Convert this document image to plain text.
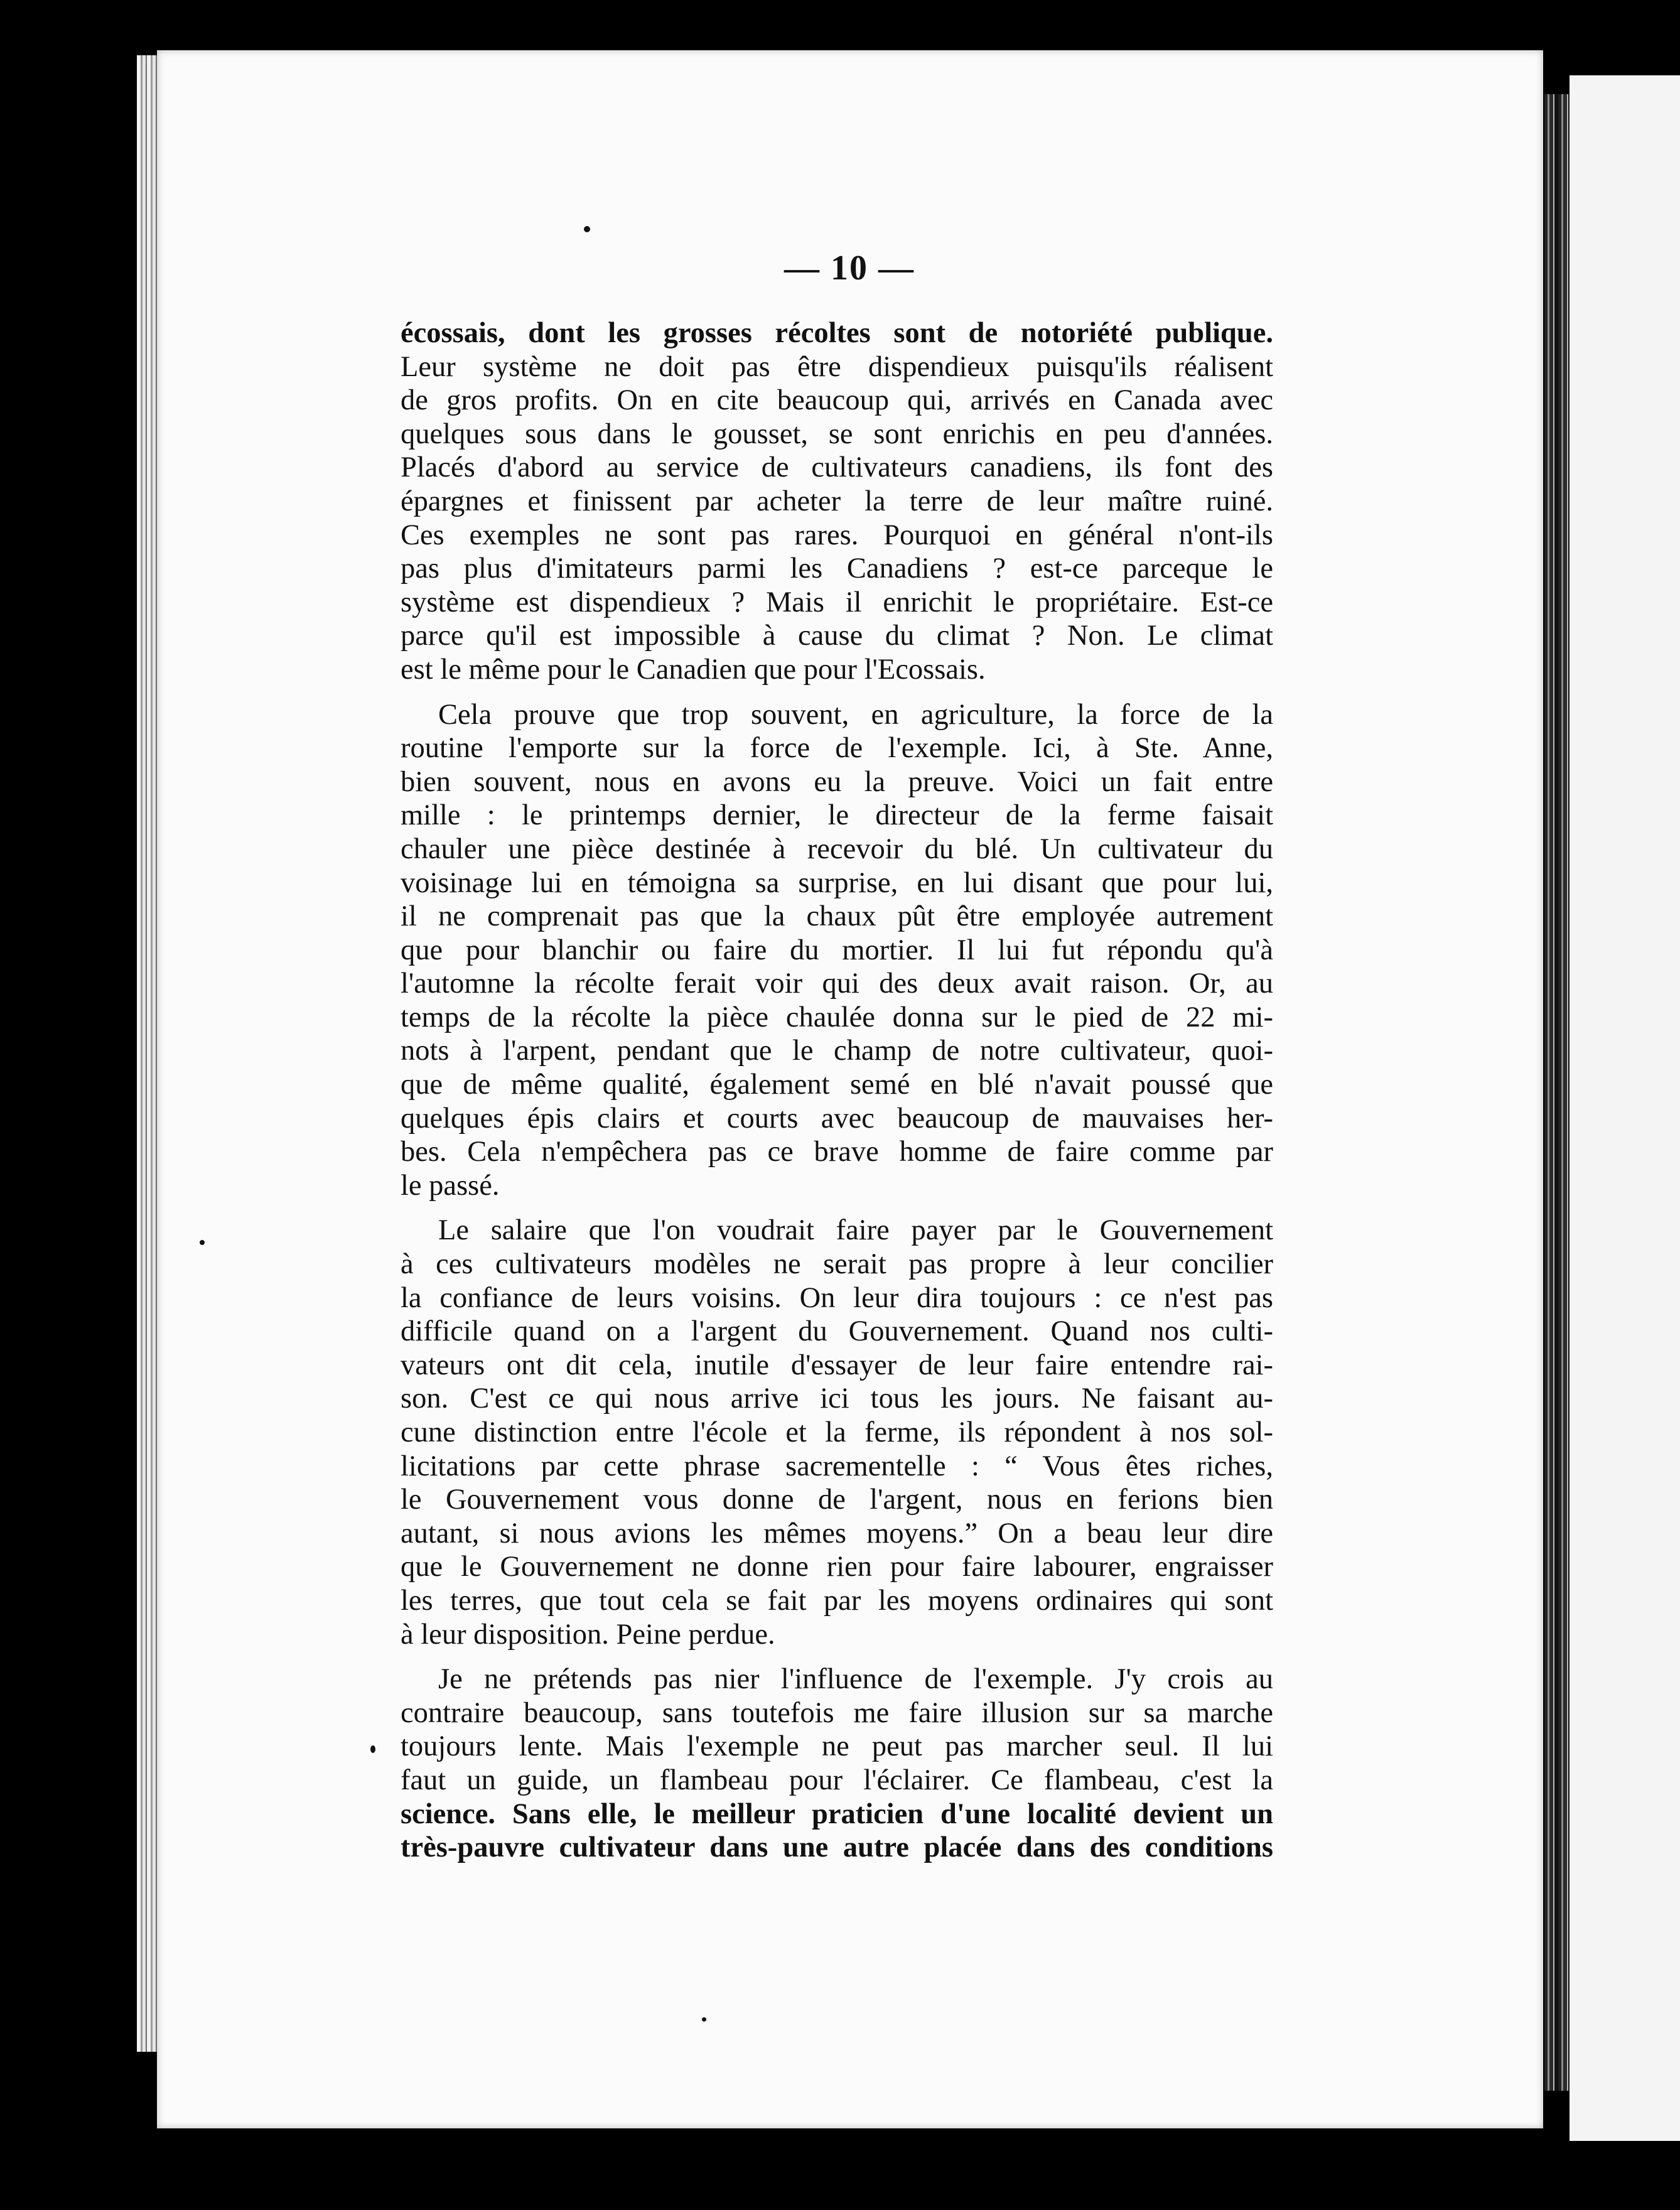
— 10 —
écossais, dont les grosses récoltes sont de notoriété publique.
Leur système ne doit pas être dispendieux puisqu'ils réalisent
de gros profits. On en cite beaucoup qui, arrivés en Canada avec
quelques sous dans le gousset, se sont enrichis en peu d'années.
Placés d'abord au service de cultivateurs canadiens, ils font des
épargnes et finissent par acheter la terre de leur maître ruiné.
Ces exemples ne sont pas rares. Pourquoi en général n'ont-ils
pas plus d'imitateurs parmi les Canadiens ? est-ce parceque le
système est dispendieux ? Mais il enrichit le propriétaire. Est-ce
parce qu'il est impossible à cause du climat ? Non. Le climat
est le même pour le Canadien que pour l'Ecossais.
Cela prouve que trop souvent, en agriculture, la force de la
routine l'emporte sur la force de l'exemple. Ici, à Ste. Anne,
bien souvent, nous en avons eu la preuve. Voici un fait entre
mille : le printemps dernier, le directeur de la ferme faisait
chauler une pièce destinée à recevoir du blé. Un cultivateur du
voisinage lui en témoigna sa surprise, en lui disant que pour lui,
il ne comprenait pas que la chaux pût être employée autrement
que pour blanchir ou faire du mortier. Il lui fut répondu qu'à
l'automne la récolte ferait voir qui des deux avait raison. Or, au
temps de la récolte la pièce chaulée donna sur le pied de 22 mi-
nots à l'arpent, pendant que le champ de notre cultivateur, quoi-
que de même qualité, également semé en blé n'avait poussé que
quelques épis clairs et courts avec beaucoup de mauvaises her-
bes. Cela n'empêchera pas ce brave homme de faire comme par
le passé.
Le salaire que l'on voudrait faire payer par le Gouvernement
à ces cultivateurs modèles ne serait pas propre à leur concilier
la confiance de leurs voisins. On leur dira toujours : ce n'est pas
difficile quand on a l'argent du Gouvernement. Quand nos culti-
vateurs ont dit cela, inutile d'essayer de leur faire entendre rai-
son. C'est ce qui nous arrive ici tous les jours. Ne faisant au-
cune distinction entre l'école et la ferme, ils répondent à nos sol-
licitations par cette phrase sacrementelle : “ Vous êtes riches,
le Gouvernement vous donne de l'argent, nous en ferions bien
autant, si nous avions les mêmes moyens.” On a beau leur dire
que le Gouvernement ne donne rien pour faire labourer, engraisser
les terres, que tout cela se fait par les moyens ordinaires qui sont
à leur disposition. Peine perdue.
Je ne prétends pas nier l'influence de l'exemple. J'y crois au
contraire beaucoup, sans toutefois me faire illusion sur sa marche
toujours lente. Mais l'exemple ne peut pas marcher seul. Il lui
faut un guide, un flambeau pour l'éclairer. Ce flambeau, c'est la
science. Sans elle, le meilleur praticien d'une localité devient un
très-pauvre cultivateur dans une autre placée dans des conditions
